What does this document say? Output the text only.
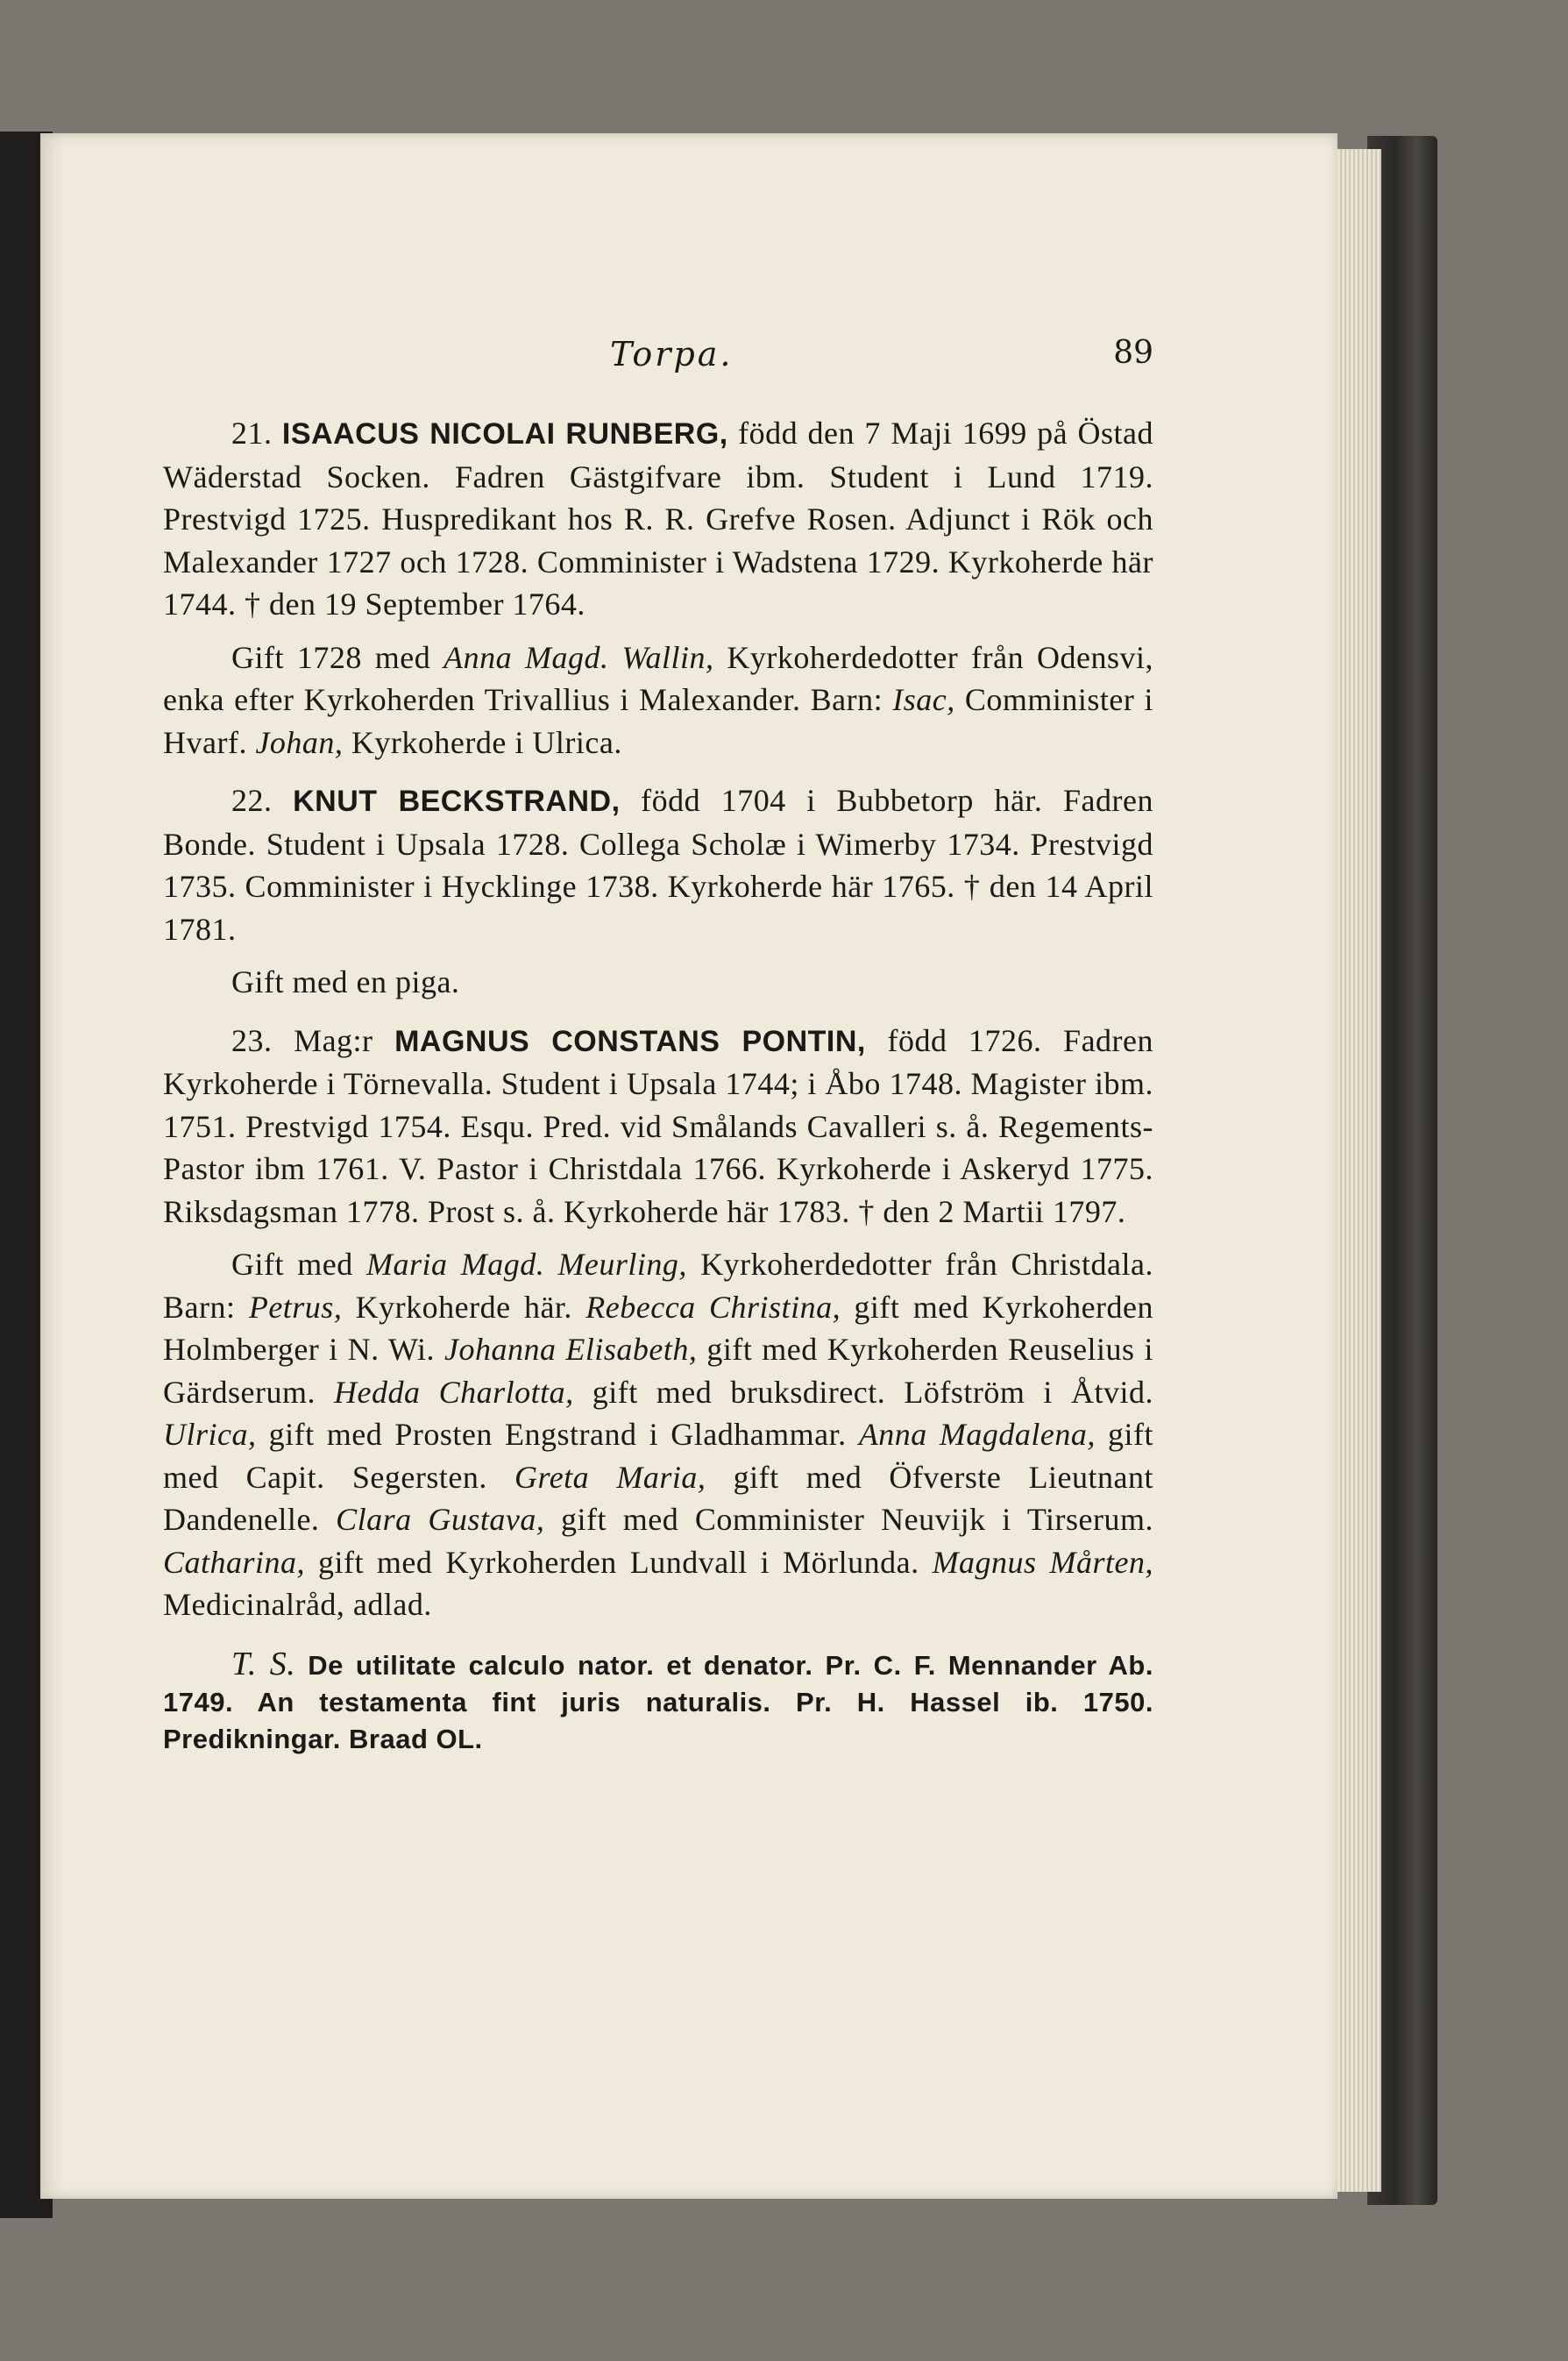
Torpa.	89

21. ISAACUS NICOLAI RUNBERG, född den 7 Maji 1699 på Östad Wäderstad Socken. Fadren Gästgifvare ibm. Student i Lund 1719. Prestvigd 1725. Huspredikant hos R. R. Grefve Rosen. Adjunct i Rök och Malexander 1727 och 1728. Comminister i Wadstena 1729. Kyrkoherde här 1744. † den 19 September 1764.

Gift 1728 med Anna Magd. Wallin, Kyrkoherdedotter från Odensvi, enka efter Kyrkoherden Trivallius i Malexander. Barn: Isac, Comminister i Hvarf. Johan, Kyrkoherde i Ulrica.

22. KNUT BECKSTRAND, född 1704 i Bubbetorp här. Fadren Bonde. Student i Upsala 1728. Collega Scholæ i Wimerby 1734. Prestvigd 1735. Comminister i Hycklinge 1738. Kyrkoherde här 1765. † den 14 April 1781.

Gift med en piga.

23. Mag:r MAGNUS CONSTANS PONTIN, född 1726. Fadren Kyrkoherde i Törnevalla. Student i Upsala 1744; i Åbo 1748. Magister ibm. 1751. Prestvigd 1754. Esqu. Pred. vid Smålands Cavalleri s. å. Regements-Pastor ibm 1761. V. Pastor i Christdala 1766. Kyrkoherde i Askeryd 1775. Riksdagsman 1778. Prost s. å. Kyrkoherde här 1783. † den 2 Martii 1797.

Gift med Maria Magd. Meurling, Kyrkoherdedotter från Christdala. Barn: Petrus, Kyrkoherde här. Rebecca Christina, gift med Kyrkoherden Holmberger i N. Wi. Johanna Elisabeth, gift med Kyrkoherden Reuselius i Gärdserum. Hedda Charlotta, gift med bruksdirect. Löfström i Åtvid. Ulrica, gift med Prosten Engstrand i Gladhammar. Anna Magdalena, gift med Capit. Segersten. Greta Maria, gift med Öfverste Lieutnant Dandenelle. Clara Gustava, gift med Comminister Neuvijk i Tirserum. Catharina, gift med Kyrkoherden Lundvall i Mörlunda. Magnus Mårten, Medicinalråd, adlad.

T. S. De utilitate calculo nator. et denator. Pr. C. F. Mennander Ab. 1749. An testamenta fint juris naturalis. Pr. H. Hassel ib. 1750. Predikningar. Braad OL.
